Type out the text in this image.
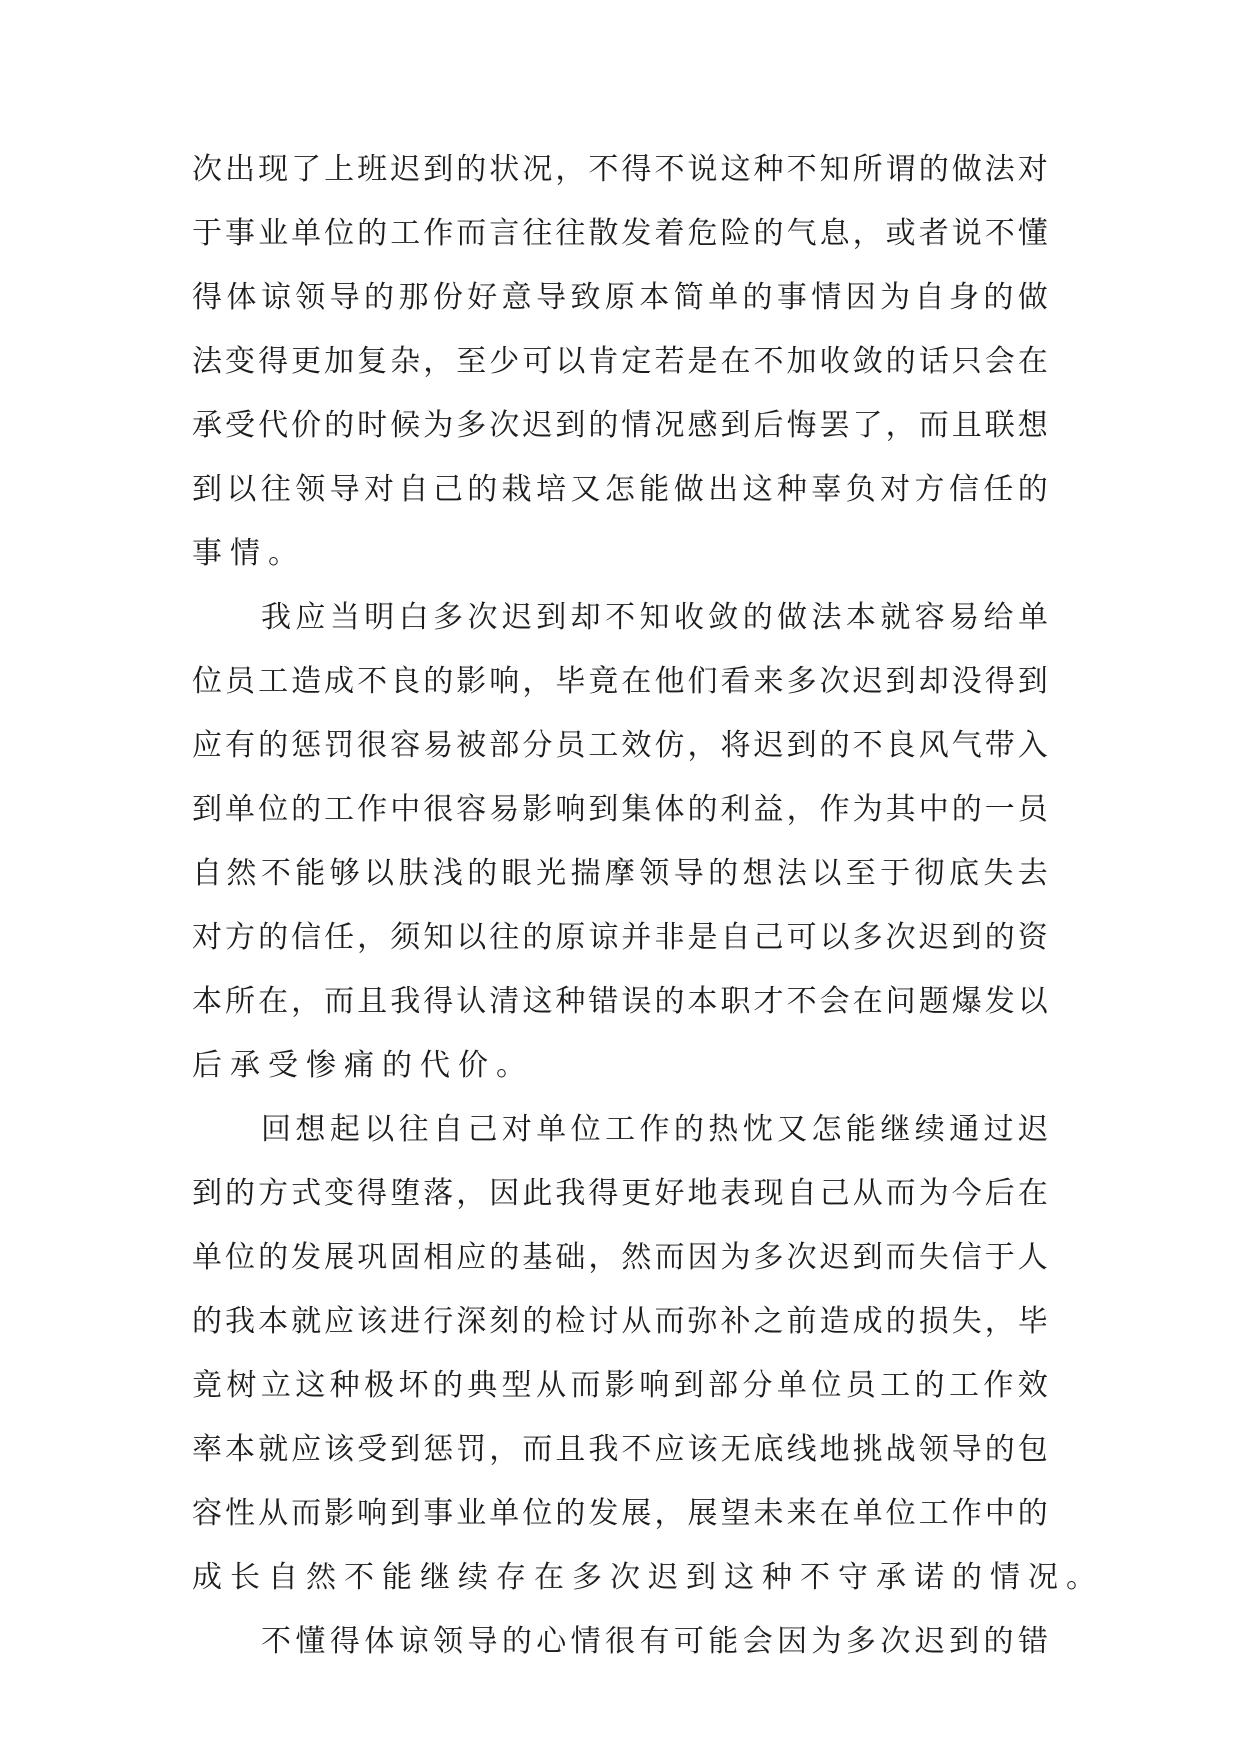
次 出 现 了 上 班 迟 到 的 状 况 ， 不 得 不 说 这 种 不 知 所 谓 的 做 法 对
于 事 业 单 位 的 工 作 而 言 往 往 散 发 着 危 险 的 气 息 ， 或 者 说 不 懂
得 体 谅 领 导 的 那 份 好 意 导 致 原 本 简 单 的 事 情 因 为 自 身 的 做
法 变 得 更 加 复 杂 ， 至 少 可 以 肯 定 若 是 在 不 加 收 敛 的 话 只 会 在
承 受 代 价 的 时 候 为 多 次 迟 到 的 情 况 感 到 后 悔 罢 了 ， 而 且 联 想
到 以 往 领 导 对 自 己 的 栽 培 又 怎 能 做 出 这 种 辜 负 对 方 信 任 的
事情。
我 应 当 明 白 多 次 迟 到 却 不 知 收 敛 的 做 法 本 就 容 易 给 单
位 员 工 造 成 不 良 的 影 响 ， 毕 竟 在 他 们 看 来 多 次 迟 到 却 没 得 到
应 有 的 惩 罚 很 容 易 被 部 分 员 工 效 仿 ， 将 迟 到 的 不 良 风 气 带 入
到 单 位 的 工 作 中 很 容 易 影 响 到 集 体 的 利 益 ， 作 为 其 中 的 一 员
自 然 不 能 够 以 肤 浅 的 眼 光 揣 摩 领 导 的 想 法 以 至 于 彻 底 失 去
对 方 的 信 任 ， 须 知 以 往 的 原 谅 并 非 是 自 己 可 以 多 次 迟 到 的 资
本 所 在 ， 而 且 我 得 认 清 这 种 错 误 的 本 职 才 不 会 在 问 题 爆 发 以
后承受惨痛的代价。
回 想 起 以 往 自 己 对 单 位 工 作 的 热 忱 又 怎 能 继 续 通 过 迟
到 的 方 式 变 得 堕 落 ， 因 此 我 得 更 好 地 表 现 自 己 从 而 为 今 后 在
单 位 的 发 展 巩 固 相 应 的 基 础 ， 然 而 因 为 多 次 迟 到 而 失 信 于 人
的 我 本 就 应 该 进 行 深 刻 的 检 讨 从 而 弥 补 之 前 造 成 的 损 失 ， 毕
竟 树 立 这 种 极 坏 的 典 型 从 而 影 响 到 部 分 单 位 员 工 的 工 作 效
率 本 就 应 该 受 到 惩 罚 ， 而 且 我 不 应 该 无 底 线 地 挑 战 领 导 的 包
容 性 从 而 影 响 到 事 业 单 位 的 发 展 ， 展 望 未 来 在 单 位 工 作 中 的
成长自然不能继续存在多次迟到这种不守承诺的情况。
不 懂 得 体 谅 领 导 的 心 情 很 有 可 能 会 因 为 多 次 迟 到 的 错
